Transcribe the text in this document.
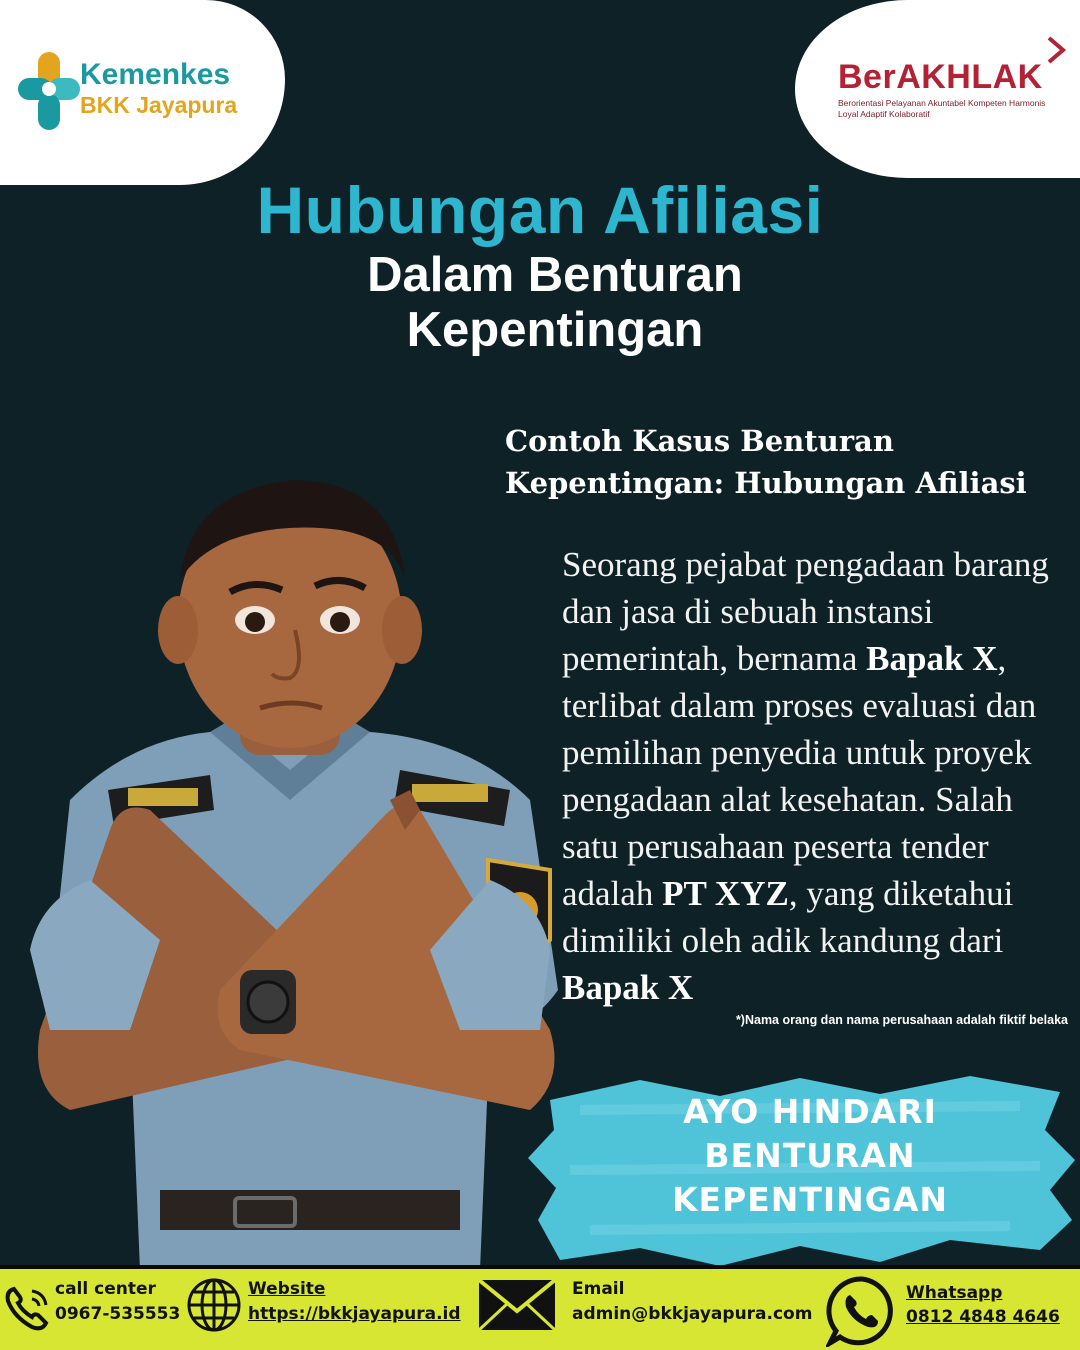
Kemenkes
BKK Jayapura
BerAKHLAK
Berorientasi Pelayanan Akuntabel Kompeten Harmonis Loyal Adaptif Kolaboratif
Hubungan Afiliasi
Dalam Benturan
Kepentingan
Contoh Kasus Benturan
Kepentingan: Hubungan Afiliasi
Seorang pejabat pengadaan barang dan jasa di sebuah instansi pemerintah, bernama Bapak X, terlibat dalam proses evaluasi dan pemilihan penyedia untuk proyek pengadaan alat kesehatan. Salah satu perusahaan peserta tender adalah PT XYZ, yang diketahui dimiliki oleh adik kandung dari Bapak X
*)Nama orang dan nama perusahaan adalah fiktif belaka
AYO HINDARI
BENTURAN
KEPENTINGAN
call center
0967-535553
Website
https://bkkjayapura.id
Email
admin@bkkjayapura.com
Whatsapp
0812 4848 4646
